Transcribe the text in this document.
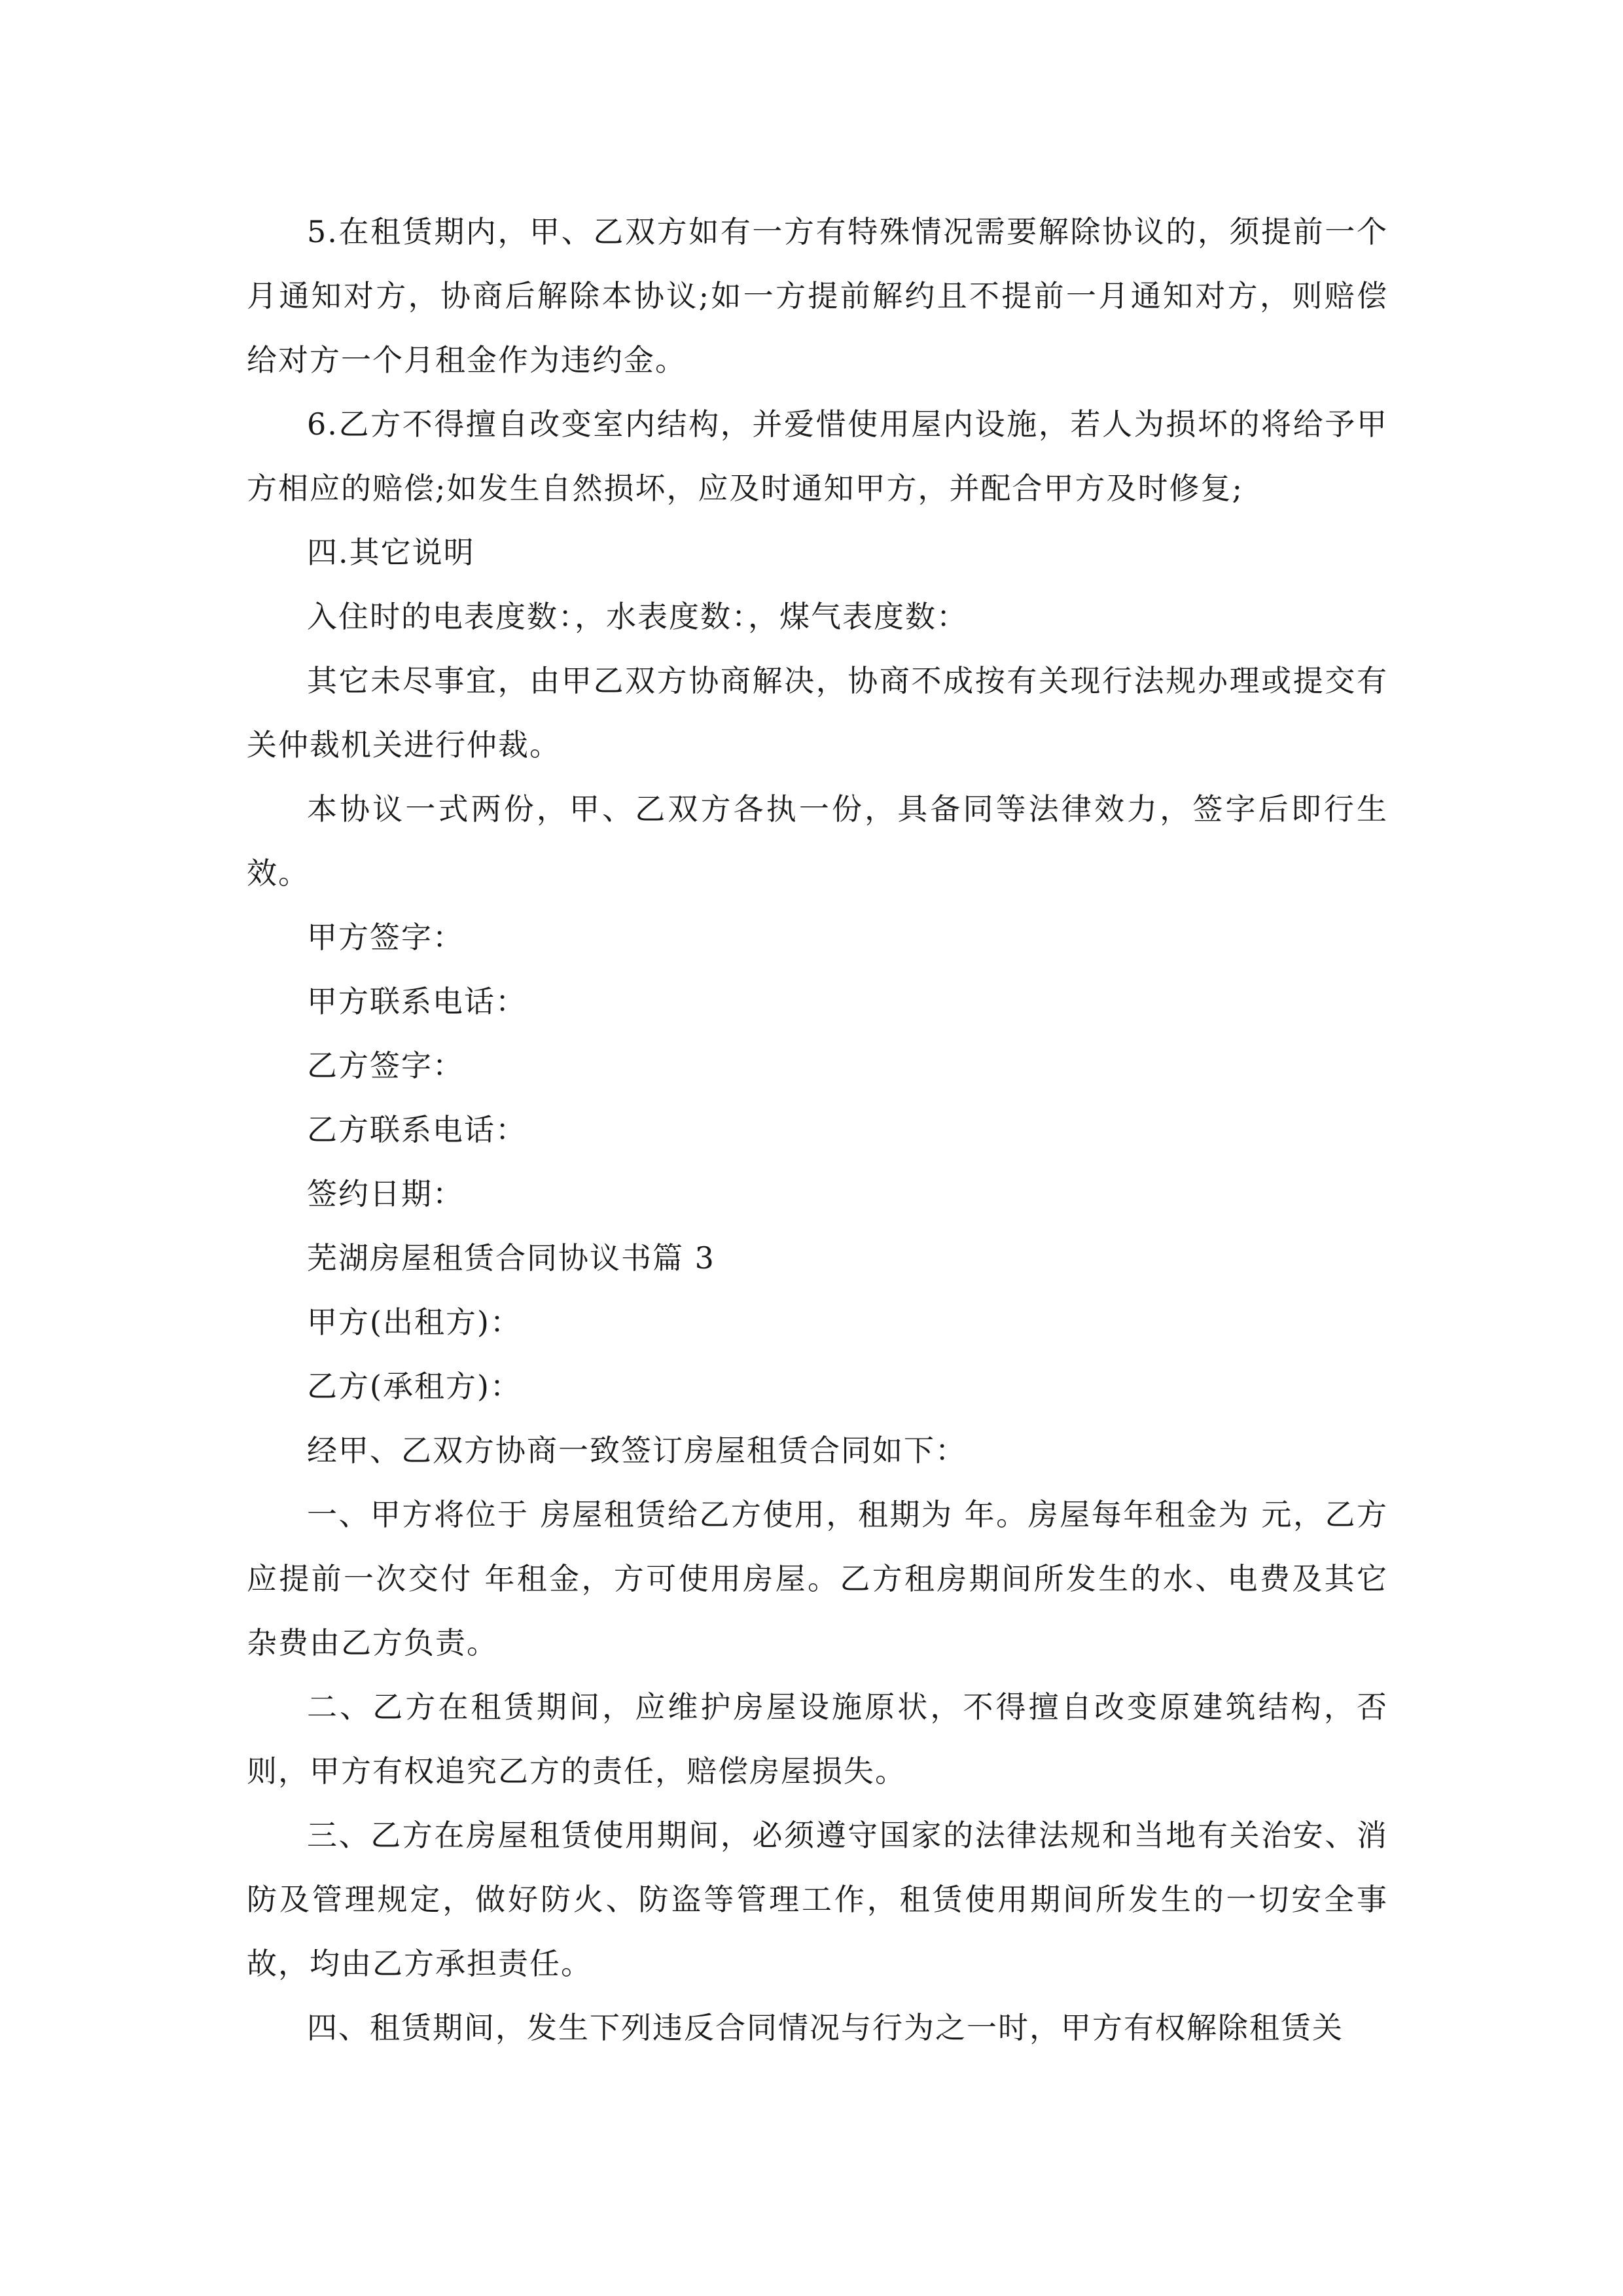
5.在租赁期内，甲、乙双方如有一方有特殊情况需要解除协议的，须提前一个月通知对方，协商后解除本协议;如一方提前解约且不提前一月通知对方，则赔偿给对方一个月租金作为违约金。

6.乙方不得擅自改变室内结构，并爱惜使用屋内设施，若人为损坏的将给予甲方相应的赔偿;如发生自然损坏，应及时通知甲方，并配合甲方及时修复;

四.其它说明

入住时的电表度数：，水表度数：，煤气表度数：

其它未尽事宜，由甲乙双方协商解决，协商不成按有关现行法规办理或提交有关仲裁机关进行仲裁。

本协议一式两份，甲、乙双方各执一份，具备同等法律效力，签字后即行生效。

甲方签字：

甲方联系电话：

乙方签字：

乙方联系电话：

签约日期：

芜湖房屋租赁合同协议书篇 3

甲方(出租方)：

乙方(承租方)：

经甲、乙双方协商一致签订房屋租赁合同如下：

一、甲方将位于 房屋租赁给乙方使用，租期为 年。房屋每年租金为 元，乙方应提前一次交付 年租金，方可使用房屋。乙方租房期间所发生的水、电费及其它杂费由乙方负责。

二、乙方在租赁期间，应维护房屋设施原状，不得擅自改变原建筑结构，否则，甲方有权追究乙方的责任，赔偿房屋损失。

三、乙方在房屋租赁使用期间，必须遵守国家的法律法规和当地有关治安、消防及管理规定，做好防火、防盗等管理工作，租赁使用期间所发生的一切安全事故，均由乙方承担责任。

四、租赁期间，发生下列违反合同情况与行为之一时，甲方有权解除租赁关
